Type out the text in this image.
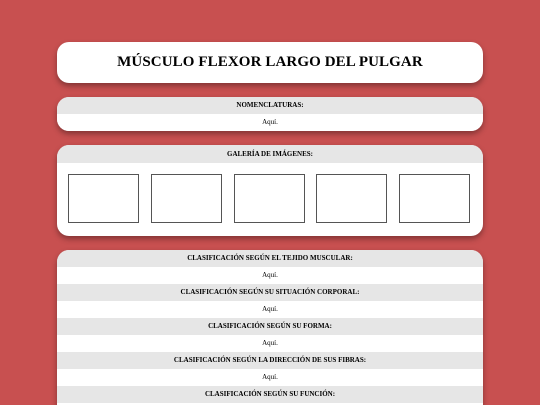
MÚSCULO FLEXOR LARGO DEL PULGAR
NOMENCLATURAS:
Aquí.
GALERÍA DE IMÁGENES:
CLASIFICACIÓN SEGÚN EL TEJIDO MUSCULAR:
Aquí.
CLASIFICACIÓN SEGÚN SU SITUACIÓN CORPORAL:
Aquí.
CLASIFICACIÓN SEGÚN SU FORMA:
Aquí.
CLASIFICACIÓN SEGÚN LA DIRECCIÓN DE SUS FIBRAS:
Aquí.
CLASIFICACIÓN SEGÚN SU FUNCIÓN:
